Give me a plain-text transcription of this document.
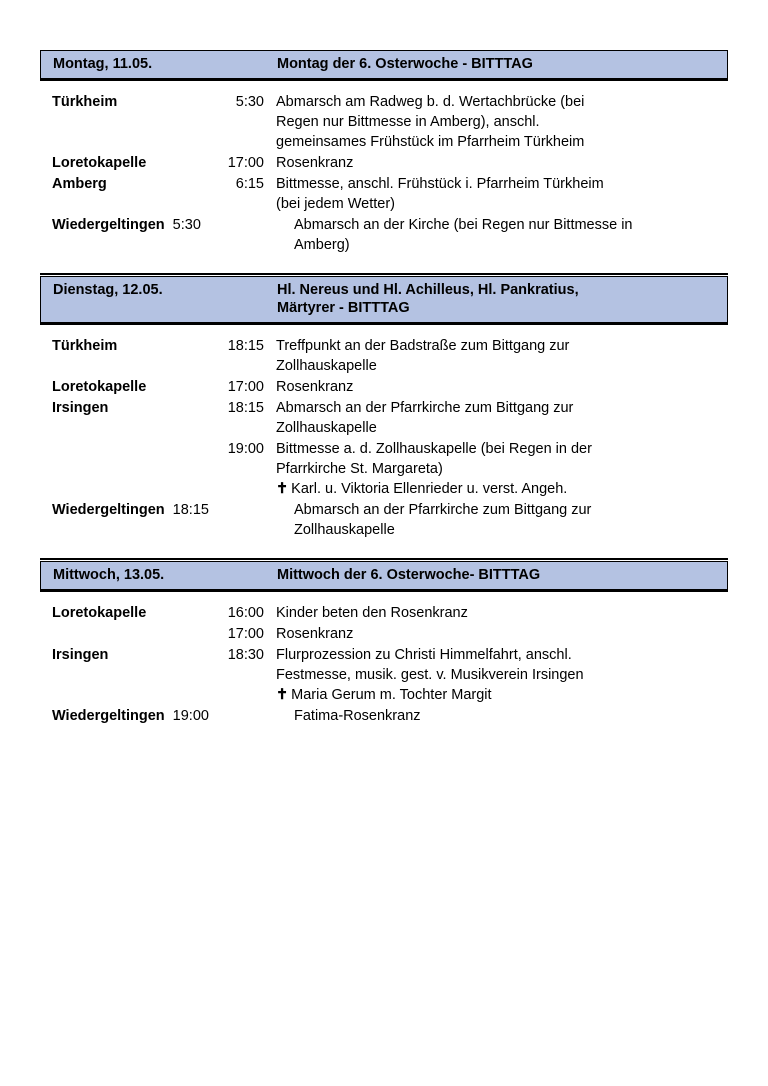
Montag, 11.05.	Montag der 6. Osterwoche - BITTTAG
Türkheim	5:30 Abmarsch am Radweg b. d. Wertachbrücke (bei
Regen nur Bittmesse in Amberg), anschl.
gemeinsames Frühstück im Pfarrheim Türkheim
Loretokapelle	17:00 Rosenkranz
Amberg	6:15 Bittmesse, anschl. Frühstück i. Pfarrheim Türkheim
(bei jedem Wetter)
Wiedergeltingen 5:30	Abmarsch an der Kirche (bei Regen nur Bittmesse in
Amberg)
Dienstag, 12.05.	Hl. Nereus und Hl. Achilleus, Hl. Pankratius,
Märtyrer - BITTTAG
Türkheim	18:15 Treffpunkt an der Badstraße zum Bittgang zur
Zollhauskapelle
Loretokapelle	17:00 Rosenkranz
Irsingen	18:15 Abmarsch an der Pfarrkirche zum Bittgang zur
Zollhauskapelle
19:00 Bittmesse a. d. Zollhauskapelle (bei Regen in der
Pfarrkirche St. Margareta)
✝ Karl. u. Viktoria Ellenrieder u. verst. Angeh.
Wiedergeltingen 18:15	Abmarsch an der Pfarrkirche zum Bittgang zur
Zollhauskapelle
Mittwoch, 13.05.	Mittwoch der 6. Osterwoche- BITTTAG
Loretokapelle	16:00 Kinder beten den Rosenkranz
17:00 Rosenkranz
Irsingen	18:30 Flurprozession zu Christi Himmelfahrt, anschl.
Festmesse, musik. gest. v. Musikverein Irsingen
✝ Maria Gerum m. Tochter Margit
Wiedergeltingen 19:00	Fatima-Rosenkranz
